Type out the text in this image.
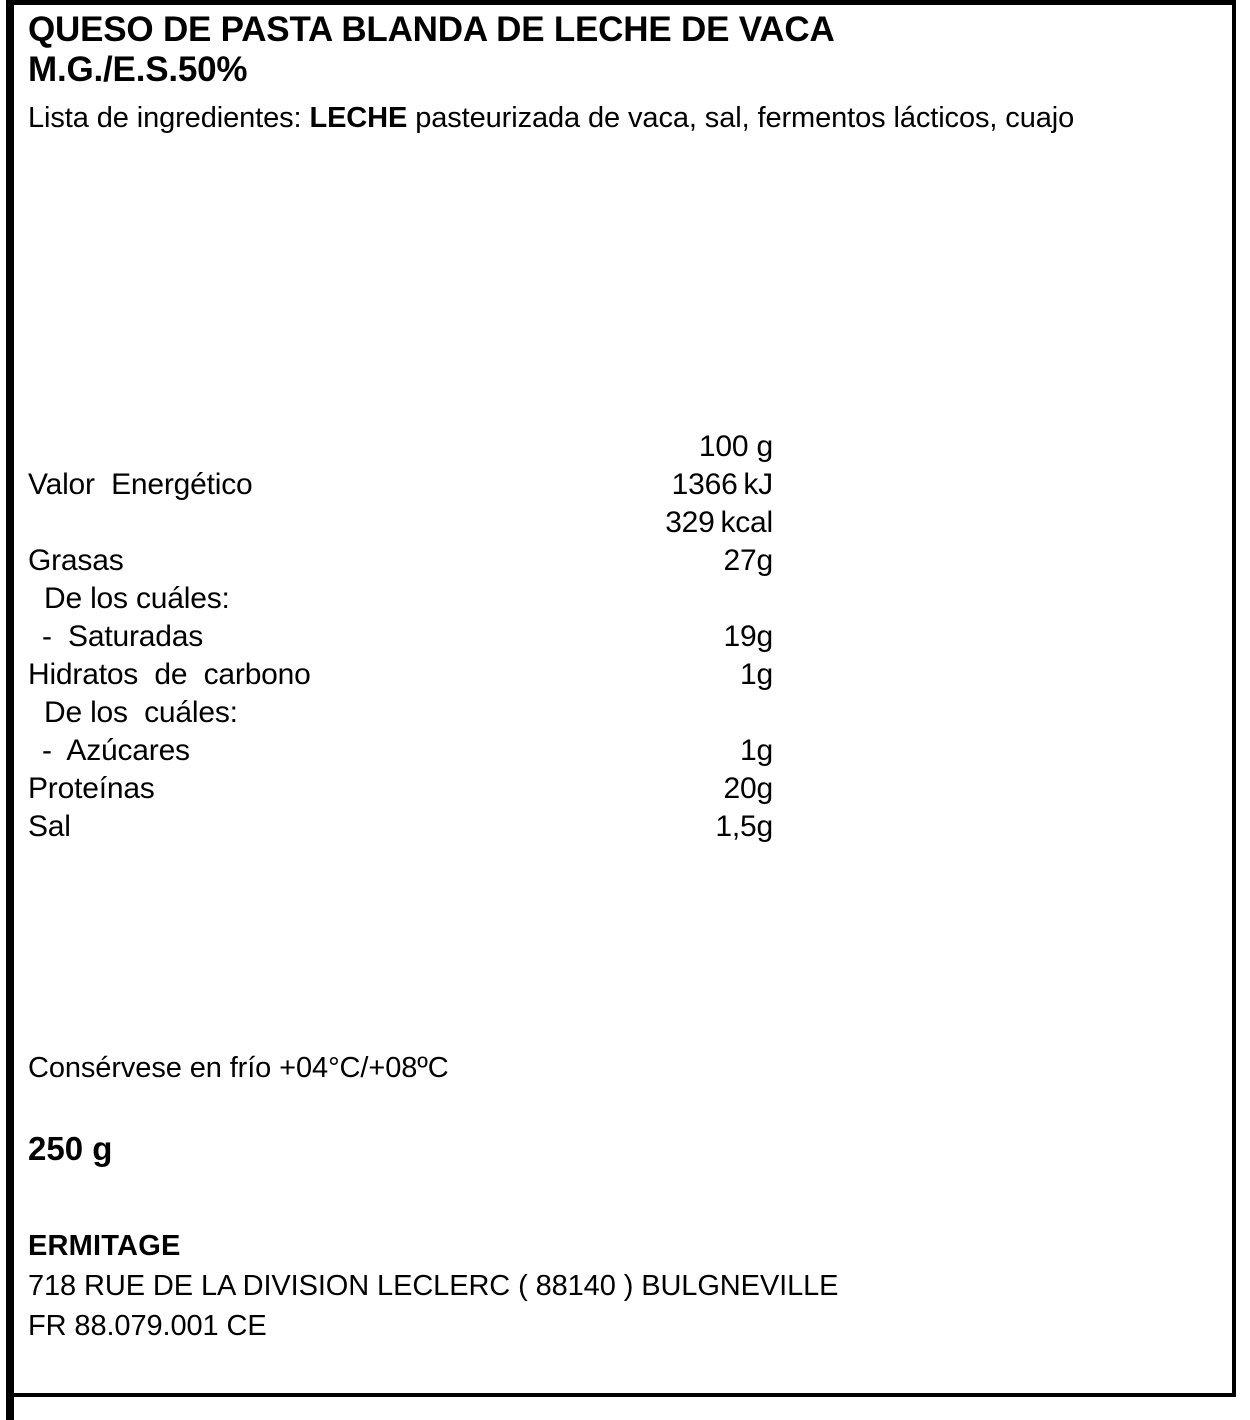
QUESO DE PASTA BLANDA DE LECHE DE VACA
M.G./E.S.50%
Lista de ingredientes: LECHE pasteurizada de vaca, sal, fermentos lácticos, cuajo
100 g
Valor  Energético	1366 kJ
329 kcal
Grasas	27g
De los cuáles:
-  Saturadas	19g
Hidratos  de  carbono	1g
De los  cuáles:
-  Azúcares	1g
Proteínas	20g
Sal	1,5g
Consérvese en frío +04°C/+08ºC
250 g
ERMITAGE
718 RUE DE LA DIVISION LECLERC ( 88140 ) BULGNEVILLE
FR 88.079.001 CE
